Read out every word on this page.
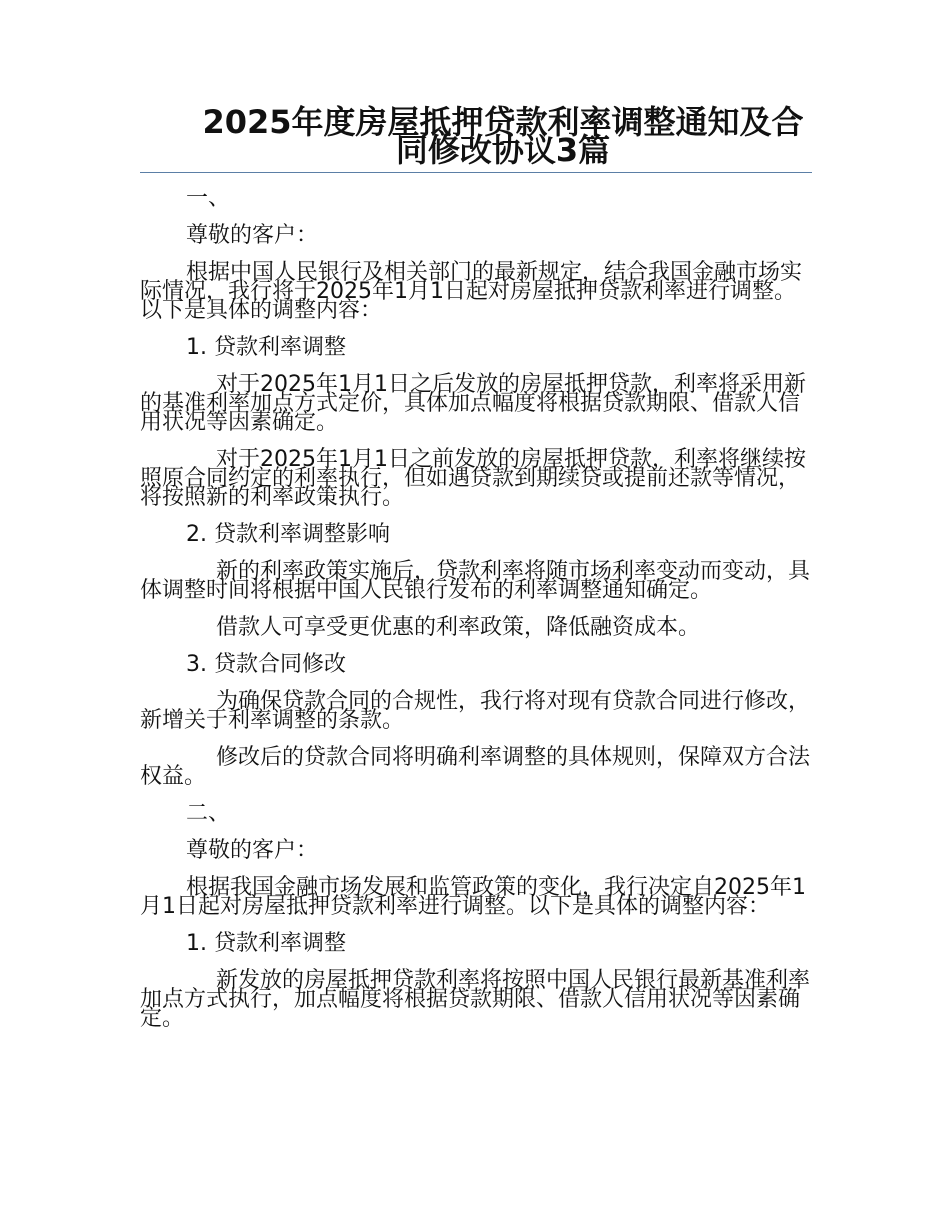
2025年度房屋抵押贷款利率调整通知及合同修改协议3篇

一、

尊敬的客户：

根据中国人民银行及相关部门的最新规定，结合我国金融市场实际情况，我行将于2025年1月1日起对房屋抵押贷款利率进行调整。以下是具体的调整内容：

1. 贷款利率调整

对于2025年1月1日之后发放的房屋抵押贷款，利率将采用新的基准利率加点方式定价，具体加点幅度将根据贷款期限、借款人信用状况等因素确定。

对于2025年1月1日之前发放的房屋抵押贷款，利率将继续按照原合同约定的利率执行，但如遇贷款到期续贷或提前还款等情况，将按照新的利率政策执行。

2. 贷款利率调整影响

新的利率政策实施后，贷款利率将随市场利率变动而变动，具体调整时间将根据中国人民银行发布的利率调整通知确定。

借款人可享受更优惠的利率政策，降低融资成本。

3. 贷款合同修改

为确保贷款合同的合规性，我行将对现有贷款合同进行修改，新增关于利率调整的条款。

修改后的贷款合同将明确利率调整的具体规则，保障双方合法权益。

二、

尊敬的客户：

根据我国金融市场发展和监管政策的变化，我行决定自2025年1月1日起对房屋抵押贷款利率进行调整。以下是具体的调整内容：

1. 贷款利率调整

新发放的房屋抵押贷款利率将按照中国人民银行最新基准利率加点方式执行，加点幅度将根据贷款期限、借款人信用状况等因素确定。
